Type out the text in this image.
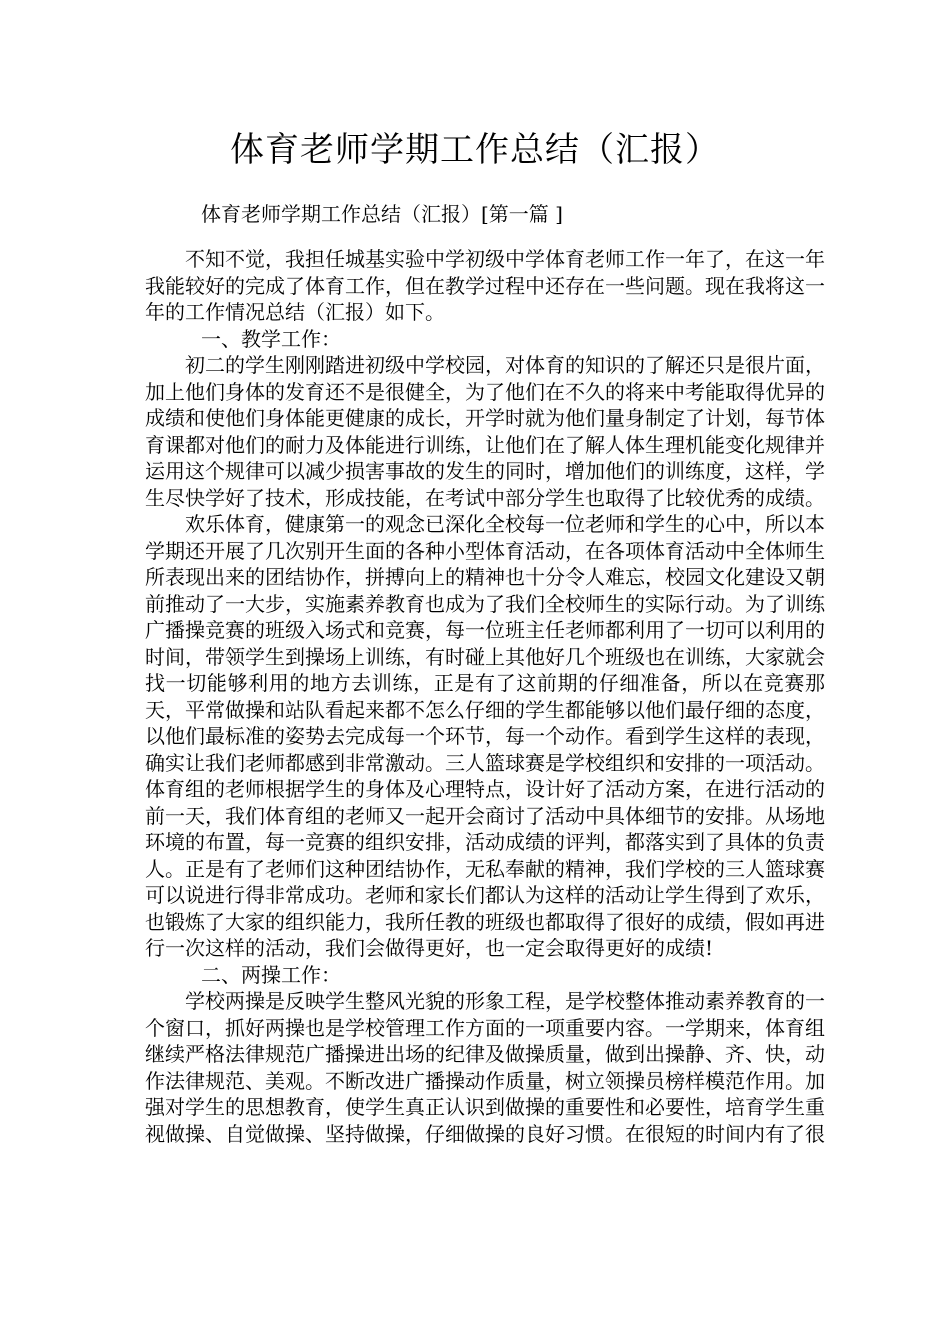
体育老师学期工作总结（汇报）

体育老师学期工作总结（汇报）[第一篇 ]

不知不觉，我担任城基实验中学初级中学体育老师工作一年了，在这一年我能较好的完成了体育工作，但在教学过程中还存在一些问题。现在我将这一年的工作情况总结（汇报）如下。

一、教学工作：

初二的学生刚刚踏进初级中学校园，对体育的知识的了解还只是很片面，加上他们身体的发育还不是很健全，为了他们在不久的将来中考能取得优异的成绩和使他们身体能更健康的成长，开学时就为他们量身制定了计划，每节体育课都对他们的耐力及体能进行训练，让他们在了解人体生理机能变化规律并运用这个规律可以减少损害事故的发生的同时，增加他们的训练度，这样，学生尽快学好了技术，形成技能，在考试中部分学生也取得了比较优秀的成绩。

欢乐体育，健康第一的观念已深化全校每一位老师和学生的心中，所以本学期还开展了几次别开生面的各种小型体育活动，在各项体育活动中全体师生所表现出来的团结协作，拼搏向上的精神也十分令人难忘，校园文化建设又朝前推动了一大步，实施素养教育也成为了我们全校师生的实际行动。为了训练广播操竞赛的班级入场式和竞赛，每一位班主任老师都利用了一切可以利用的时间，带领学生到操场上训练，有时碰上其他好几个班级也在训练，大家就会找一切能够利用的地方去训练，正是有了这前期的仔细准备，所以在竞赛那天，平常做操和站队看起来都不怎么仔细的学生都能够以他们最仔细的态度，以他们最标准的姿势去完成每一个环节，每一个动作。看到学生这样的表现，确实让我们老师都感到非常激动。三人篮球赛是学校组织和安排的一项活动。体育组的老师根据学生的身体及心理特点，设计好了活动方案，在进行活动的前一天，我们体育组的老师又一起开会商讨了活动中具体细节的安排。从场地环境的布置，每一竞赛的组织安排，活动成绩的评判，都落实到了具体的负责人。正是有了老师们这种团结协作，无私奉献的精神，我们学校的三人篮球赛可以说进行得非常成功。老师和家长们都认为这样的活动让学生得到了欢乐，也锻炼了大家的组织能力，我所任教的班级也都取得了很好的成绩，假如再进行一次这样的活动，我们会做得更好，也一定会取得更好的成绩!

二、两操工作：

学校两操是反映学生整风光貌的形象工程，是学校整体推动素养教育的一个窗口，抓好两操也是学校管理工作方面的一项重要内容。一学期来，体育组继续严格法律规范广播操进出场的纪律及做操质量，做到出操静、齐、快，动作法律规范、美观。不断改进广播操动作质量，树立领操员榜样模范作用。加强对学生的思想教育，使学生真正认识到做操的重要性和必要性，培育学生重视做操、自觉做操、坚持做操，仔细做操的良好习惯。在很短的时间内有了很
